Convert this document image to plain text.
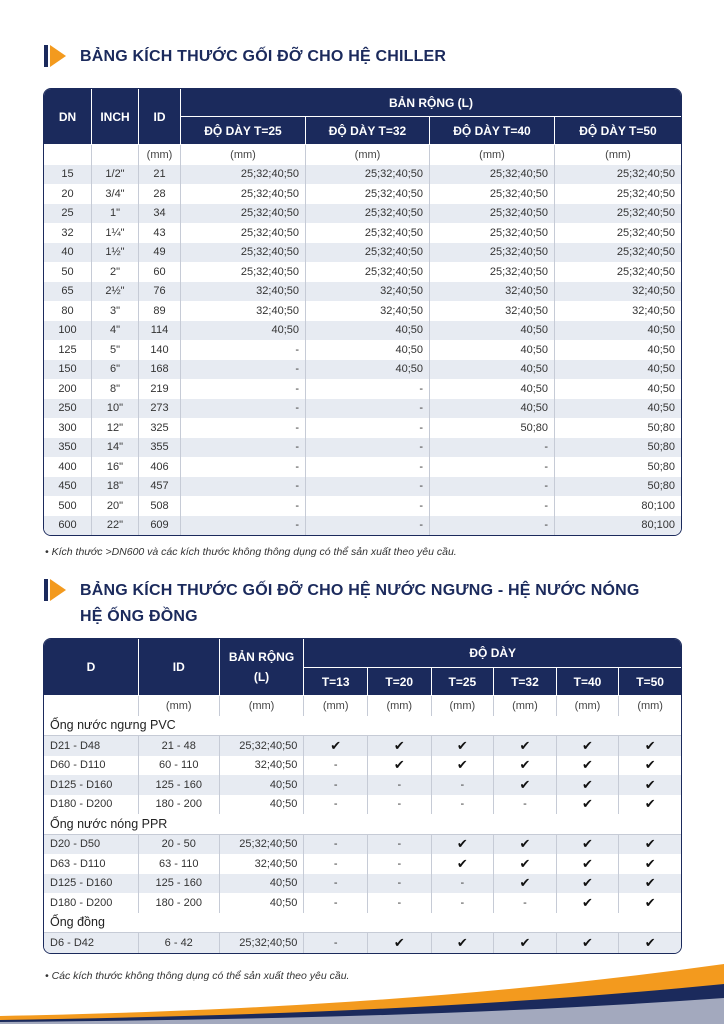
BẢNG KÍCH THƯỚC GỐI ĐỠ CHO HỆ CHILLER
DN	INCH	ID	BẢN RỘNG (L)			
			ĐỘ DÀY T=25	ĐỘ DÀY T=32	ĐỘ DÀY T=40	ĐỘ DÀY T=50
		(mm)	(mm)	(mm)	(mm)	(mm)
15	1/2"	21	25;32;40;50	25;32;40;50	25;32;40;50	25;32;40;50
20	3/4"	28	25;32;40;50	25;32;40;50	25;32;40;50	25;32;40;50
25	1"	34	25;32;40;50	25;32;40;50	25;32;40;50	25;32;40;50
32	1¼"	43	25;32;40;50	25;32;40;50	25;32;40;50	25;32;40;50
40	1½"	49	25;32;40;50	25;32;40;50	25;32;40;50	25;32;40;50
50	2"	60	25;32;40;50	25;32;40;50	25;32;40;50	25;32;40;50
65	2½"	76	32;40;50	32;40;50	32;40;50	32;40;50
80	3"	89	32;40;50	32;40;50	32;40;50	32;40;50
100	4"	114	40;50	40;50	40;50	40;50
125	5"	140	-	40;50	40;50	40;50
150	6"	168	-	40;50	40;50	40;50
200	8"	219	-	-	40;50	40;50
250	10"	273	-	-	40;50	40;50
300	12"	325	-	-	50;80	50;80
350	14"	355	-	-	-	50;80
400	16"	406	-	-	-	50;80
450	18"	457	-	-	-	50;80
500	20"	508	-	-	-	80;100
600	22"	609	-	-	-	80;100
• Kích thước >DN600 và các kích thước không thông dụng có thể sản xuất theo yêu cầu.
BẢNG KÍCH THƯỚC GỐI ĐỠ CHO HỆ NƯỚC NGƯNG - HỆ NƯỚC NÓNG
HỆ ỐNG ĐỒNG
D	ID	BẢN RỘNG (L)	ĐỘ DÀY					
			T=13	T=20	T=25	T=32	T=40	T=50
	(mm)	(mm)	(mm)	(mm)	(mm)	(mm)	(mm)	(mm)
Ống nước ngưng PVC								
D21 - D48	21 - 48	25;32;40;50	✔	✔	✔	✔	✔	✔
D60 - D110	60 - 110	32;40;50	-	✔	✔	✔	✔	✔
D125 - D160	125 - 160	40;50	-	-	-	✔	✔	✔
D180 - D200	180 - 200	40;50	-	-	-	-	✔	✔
Ống nước nóng PPR								
D20 - D50	20 - 50	25;32;40;50	-	-	✔	✔	✔	✔
D63 - D110	63 - 110	32;40;50	-	-	✔	✔	✔	✔
D125 - D160	125 - 160	40;50	-	-	-	✔	✔	✔
D180 - D200	180 - 200	40;50	-	-	-	-	✔	✔
Ống đồng								
D6 - D42	6 - 42	25;32;40;50	-	✔	✔	✔	✔	✔
• Các kích thước không thông dụng có thể sản xuất theo yêu cầu.
